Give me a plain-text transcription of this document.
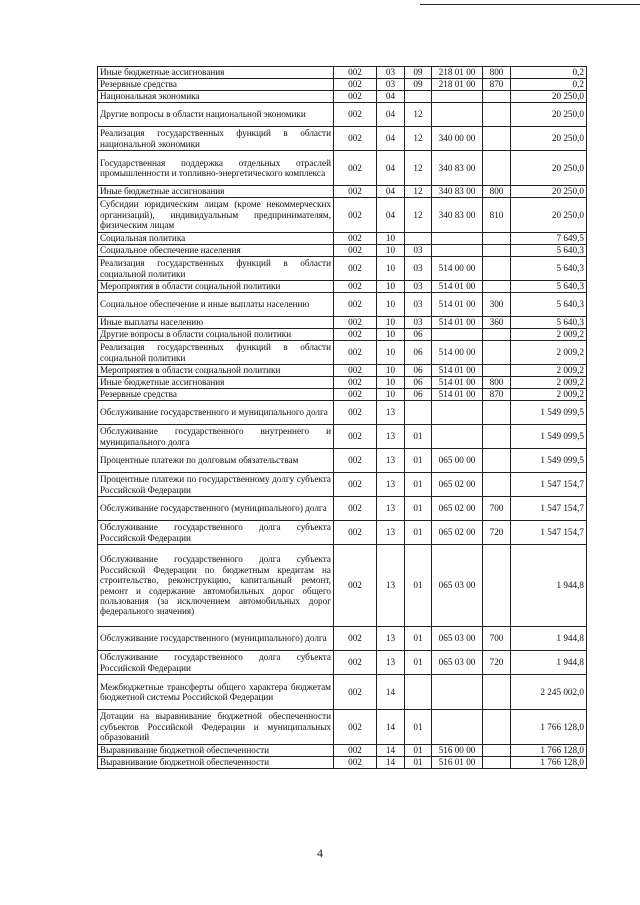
Иные бюджетные ассигнования	002	03	09	218 01 00	800	0,2
Резервные средства	002	03	09	218 01 00	870	0,2
Национальная экономика	002	04				20 250,0
Другие вопросы в области национальной экономики	002	04	12			20 250,0
Реализация государственных функций в области национальной экономики	002	04	12	340 00 00		20 250,0
Государственная поддержка отдельных отраслей промышленности и топливно-энергетического комплекса	002	04	12	340 83 00		20 250,0
Иные бюджетные ассигнования	002	04	12	340 83 00	800	20 250,0
Субсидии юридическим лицам (кроме некоммерческих организаций), индивидуальным предпринимателям, физическим лицам	002	04	12	340 83 00	810	20 250,0
Социальная политика	002	10				7 649,5
Социальное обеспечение населения	002	10	03			5 640,3
Реализация государственных функций в области социальной политики	002	10	03	514 00 00		5 640,3
Мероприятия в области социальной политики	002	10	03	514 01 00		5 640,3
Социальное обеспечение и иные выплаты населению	002	10	03	514 01 00	300	5 640,3
Иные выплаты населению	002	10	03	514 01 00	360	5 640,3
Другие вопросы в области социальной политики	002	10	06			2 009,2
Реализация государственных функций в области социальной политики	002	10	06	514 00 00		2 009,2
Мероприятия в области социальной политики	002	10	06	514 01 00		2 009,2
Иные бюджетные ассигнования	002	10	06	514 01 00	800	2 009,2
Резервные средства	002	10	06	514 01 00	870	2 009,2
Обслуживание государственного и муниципального долга	002	13				1 549 099,5
Обслуживание государственного внутреннего и муниципального долга	002	13	01			1 549 099,5
Процентные платежи по долговым обязательствам	002	13	01	065 00 00		1 549 099,5
Процентные платежи по государственному долгу субъекта Российской Федерации	002	13	01	065 02 00		1 547 154,7
Обслуживание государственного (муниципального) долга	002	13	01	065 02 00	700	1 547 154,7
Обслуживание государственного долга субъекта Российской Федерации	002	13	01	065 02 00	720	1 547 154,7
Обслуживание государственного долга субъекта Российской Федерации по бюджетным кредитам на строительство, реконструкцию, капитальный ремонт, ремонт и содержание автомобильных дорог общего пользования (за исключением автомобильных дорог федерального значения)	002	13	01	065 03 00		1 944,8
Обслуживание государственного (муниципального) долга	002	13	01	065 03 00	700	1 944,8
Обслуживание государственного долга субъекта Российской Федерации	002	13	01	065 03 00	720	1 944,8
Межбюджетные трансферты общего характера бюджетам бюджетной системы Российской Федерации	002	14				2 245 002,0
Дотации на выравнивание бюджетной обеспеченности субъектов Российской Федерации и муниципальных образований	002	14	01			1 766 128,0
Выравнивание бюджетной обеспеченности	002	14	01	516 00 00		1 766 128,0
Выравнивание бюджетной обеспеченности	002	14	01	516 01 00		1 766 128,0
4
